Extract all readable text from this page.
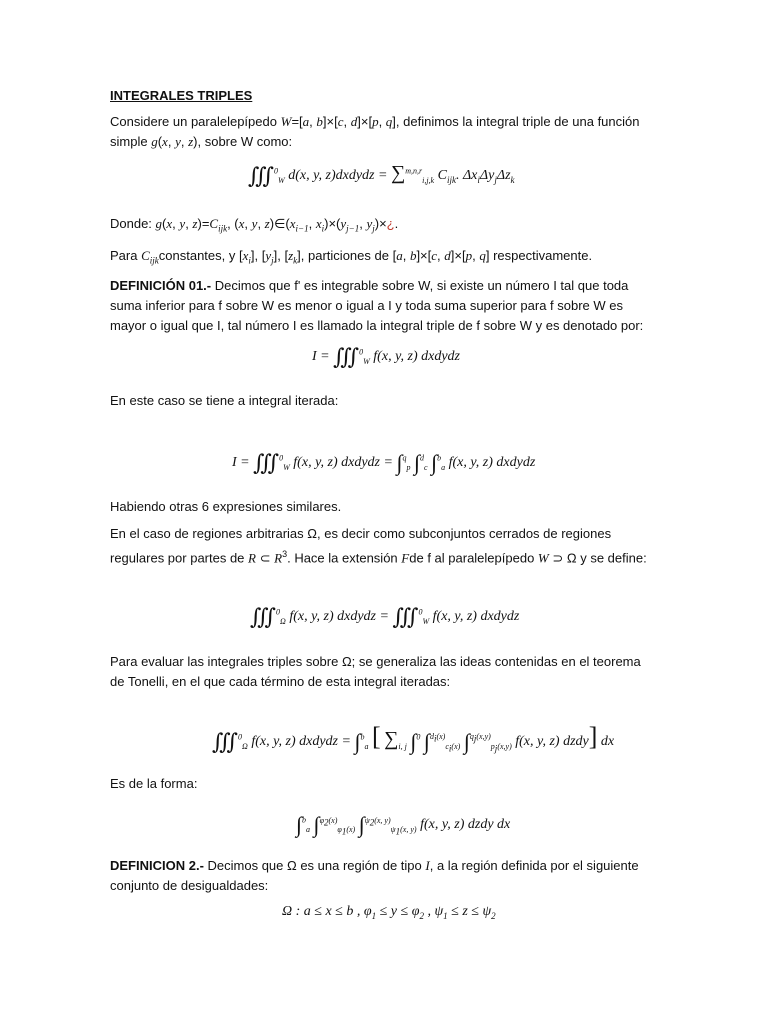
INTEGRALES TRIPLES
Considere un paralelepípedo W=[a, b]×[c, d]×[p, q], definimos la integral triple de una función simple g(x, y, z), sobre W como:
∭$^0_W$ d(x, y, z)dxdydz = ∑$^{m,n,r}_{i,j,k}$ $C_{ijk}$. $\Delta x_i\Delta y_j\Delta z_k$
Donde: g(x, y, $z)=C_{ijk}$, (x, y, $z)\in(x_{i-1}$, $x_i)\times(y_{j-1}$, $y_j)\times¿$.
Para $C_{ijk}constantes$, y $[x_i]$, $[y_j]$, $[z_k]$, particiones de [a, b]×[c, d]×[p, q] respectivamente.
DEFINICIÓN 01.- Decimos que f' es integrable sobre W, si existe un número I tal que toda suma inferior para f sobre W es menor o igual a I y toda suma superior para f sobre W es mayor o igual que I, tal número I es llamado la integral triple de f sobre W y es denotado por:
I = ∭$^0_W$ f(x, y, z) dxdydz
En este caso se tiene a integral iterada:
I = ∭$^0_W$ f(x, y, z) dxdydz = ∫$^q_p$ ∫$^d_c$ ∫$^b_a$ f(x, y, z) dxdydz
Habiendo otras 6 expresiones similares.
En el caso de regiones arbitrarias Ω, es decir como subconjuntos cerrados de regiones regulares por partes de R ⊂ $R^3$. Hace la extensión Fde f al paralelepípedo W ⊃ Ω y se define:
∭$^0_\Omega$ f(x, y, z) dxdydz = ∭$^0_W$ f(x, y, z) dxdydz
Para evaluar las integrales triples sobre Ω; se generaliza las ideas contenidas en el teorema de Tonelli, en el que cada término de esta integral iteradas:
∭$^0_\Omega$ f(x, y, z) dxdydz = ∫$^b_a$ [ $\sum_{i, j}$ ∫$^0$ ∫$^{d_i(x)}_{c_i(x)}$ ∫$^{q_j(x,y)}_{p_j(x,y)}$ f(x, y, z) dzdy] dx
Es de la forma:
∫$^b_a$ ∫$^{\varphi_2(x)}_{\varphi_1(x)}$ ∫$^{\psi_2(x, y)}_{\psi_1(x, y)}$ f(x, y, z) dzdy dx
DEFINICION 2.- Decimos que Ω es una región de tipo I, a la región definida por el siguiente conjunto de desigualdades:
Ω : a ≤ x ≤ b , $\varphi_1 \le y \le \varphi_2$ , $\psi_1 \le z \le \psi_2$
